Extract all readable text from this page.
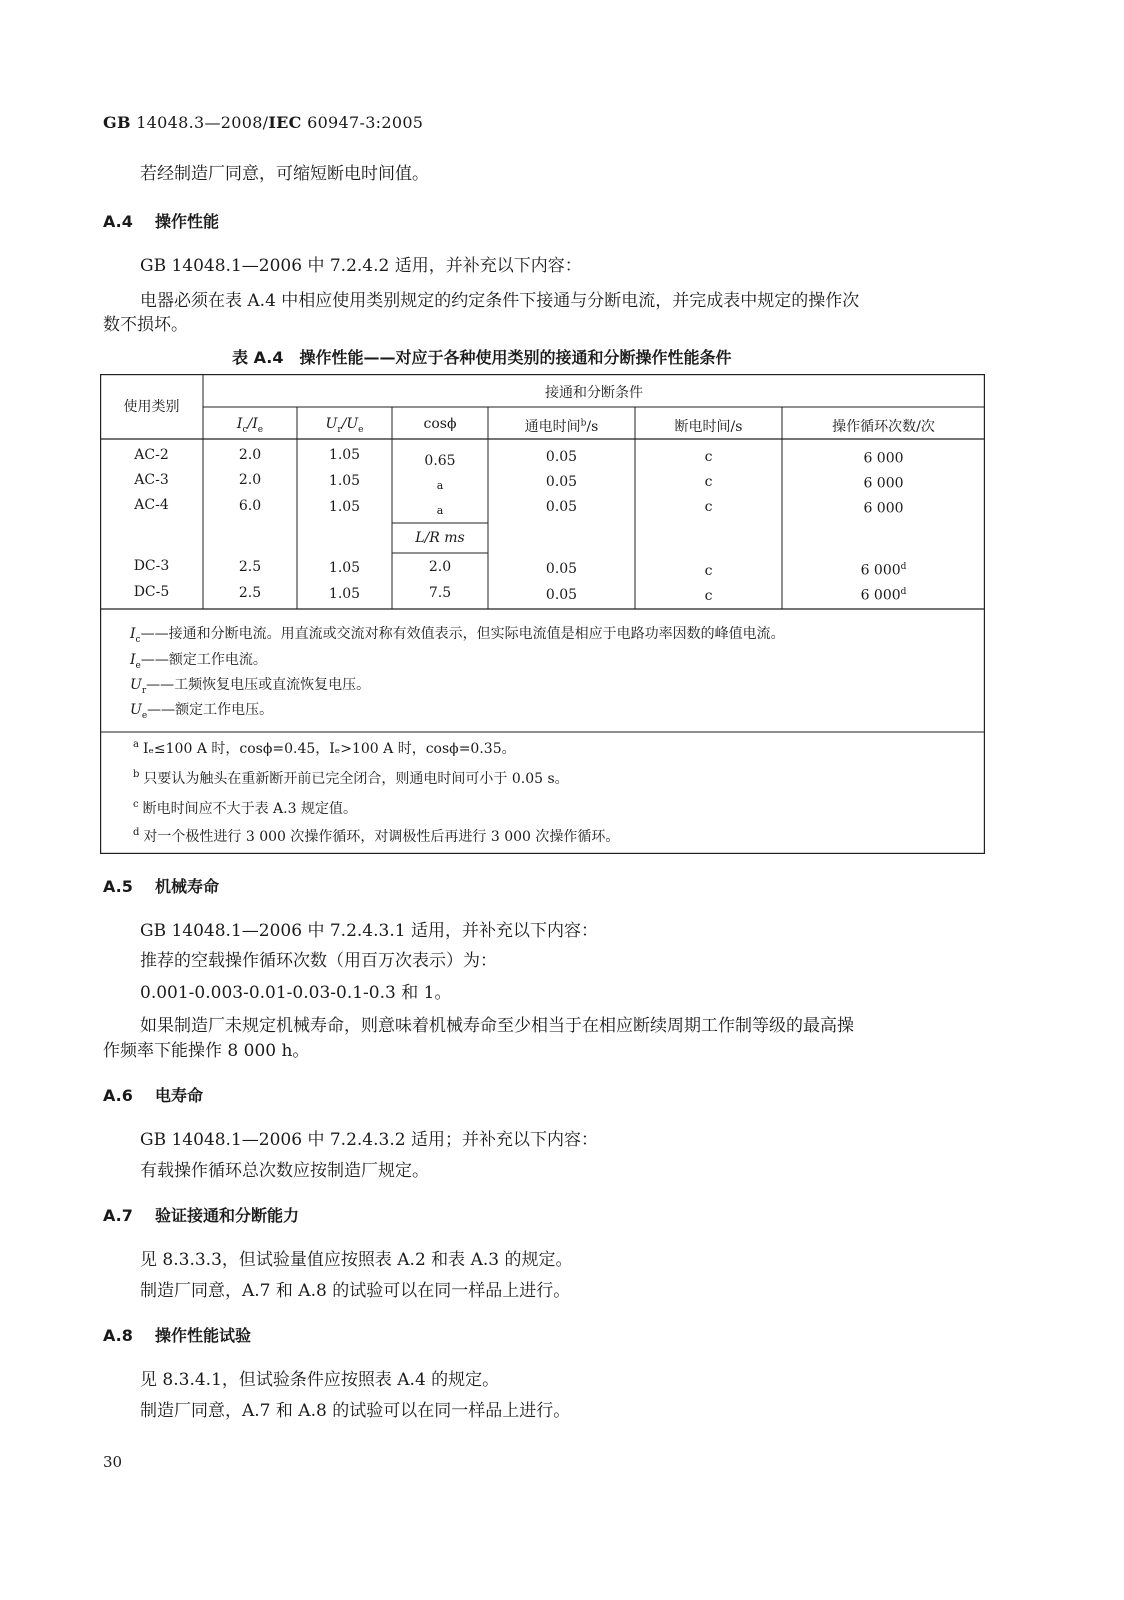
GB 14048.3—2008/IEC 60947-3:2005
若经制造厂同意，可缩短断电时间值。
A.4 操作性能
GB 14048.1—2006 中 7.2.4.2 适用，并补充以下内容：
电器必须在表 A.4 中相应使用类别规定的约定条件下接通与分断电流，并完成表中规定的操作次
数不损坏。
表 A.4　操作性能——对应于各种使用类别的接通和分断操作性能条件
使用类别
接通和分断条件
$I_c/I_e$	$U_r/U_e$	cosϕ	通电时间$^b$/s	断电时间/s	操作循环次数/次
AC-2	2.0	1.05	0.65	0.05	c	6 000
AC-3	2.0	1.05	a	0.05	c	6 000
AC-4	6.0	1.05	a	0.05	c	6 000
L/R ms
DC-3	2.5	1.05	2.0	0.05	c	6 000$^d$
DC-5	2.5	1.05	7.5	0.05	c	6 000$^d$
$I_c——$接通和分断电流。用直流或交流对称有效值表示，但实际电流值是相应于电路功率因数的峰值电流。
$I_e——$额定工作电流。
$U_r——$工频恢复电压或直流恢复电压。
$U_e——$额定工作电压。
$^a$ Iₑ≤100 A 时，cosϕ=0.45，Iₑ>100 A 时，cosϕ=0.35。
$^b$ 只要认为触头在重新断开前已完全闭合，则通电时间可小于 0.05 s。
$^c$ 断电时间应不大于表 A.3 规定值。
$^d$ 对一个极性进行 3 000 次操作循环，对调极性后再进行 3 000 次操作循环。
A.5 机械寿命
GB 14048.1—2006 中 7.2.4.3.1 适用，并补充以下内容：
推荐的空载操作循环次数（用百万次表示）为：
0.001-0.003-0.01-0.03-0.1-0.3 和 1。
如果制造厂未规定机械寿命，则意味着机械寿命至少相当于在相应断续周期工作制等级的最高操
作频率下能操作 8 000 h。
A.6 电寿命
GB 14048.1—2006 中 7.2.4.3.2 适用；并补充以下内容：
有载操作循环总次数应按制造厂规定。
A.7 验证接通和分断能力
见 8.3.3.3，但试验量值应按照表 A.2 和表 A.3 的规定。
制造厂同意，A.7 和 A.8 的试验可以在同一样品上进行。
A.8 操作性能试验
见 8.3.4.1，但试验条件应按照表 A.4 的规定。
制造厂同意，A.7 和 A.8 的试验可以在同一样品上进行。
30
